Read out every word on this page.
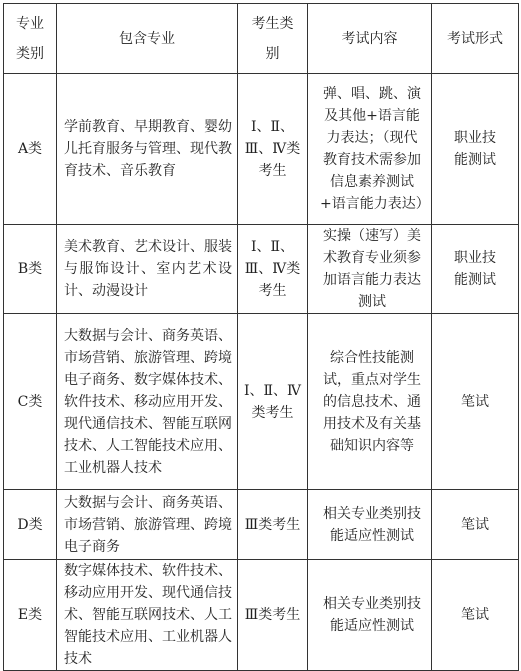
专业类别	包含专业	考生类别	考试内容	考试形式
A类	学前教育、早期教育、婴幼儿托育服务与管理、现代教育技术、音乐教育	Ⅰ、Ⅱ、Ⅲ、Ⅳ类考生	弹、唱、跳、演及其他+语言能力表达；（现代教育技术需参加信息素养测试+语言能力表达）	职业技能测试
B类	美术教育、艺术设计、服装与服饰设计、室内艺术设计、动漫设计	Ⅰ、Ⅱ、Ⅲ、Ⅳ类考生	实操（速写）美术教育专业须参加语言能力表达测试	职业技能测试
C类	大数据与会计、商务英语、市场营销、旅游管理、跨境电子商务、数字媒体技术、软件技术、移动应用开发、现代通信技术、智能互联网技术、人工智能技术应用、工业机器人技术	Ⅰ、Ⅱ、Ⅳ类考生	综合性技能测试，重点对学生的信息技术、通用技术及有关基础知识内容等	笔试
D类	大数据与会计、商务英语、市场营销、旅游管理、跨境电子商务	Ⅲ类考生	相关专业类别技能适应性测试	笔试
E类	数字媒体技术、软件技术、移动应用开发、现代通信技术、智能互联网技术、人工智能技术应用、工业机器人技术	Ⅲ类考生	相关专业类别技能适应性测试	笔试
